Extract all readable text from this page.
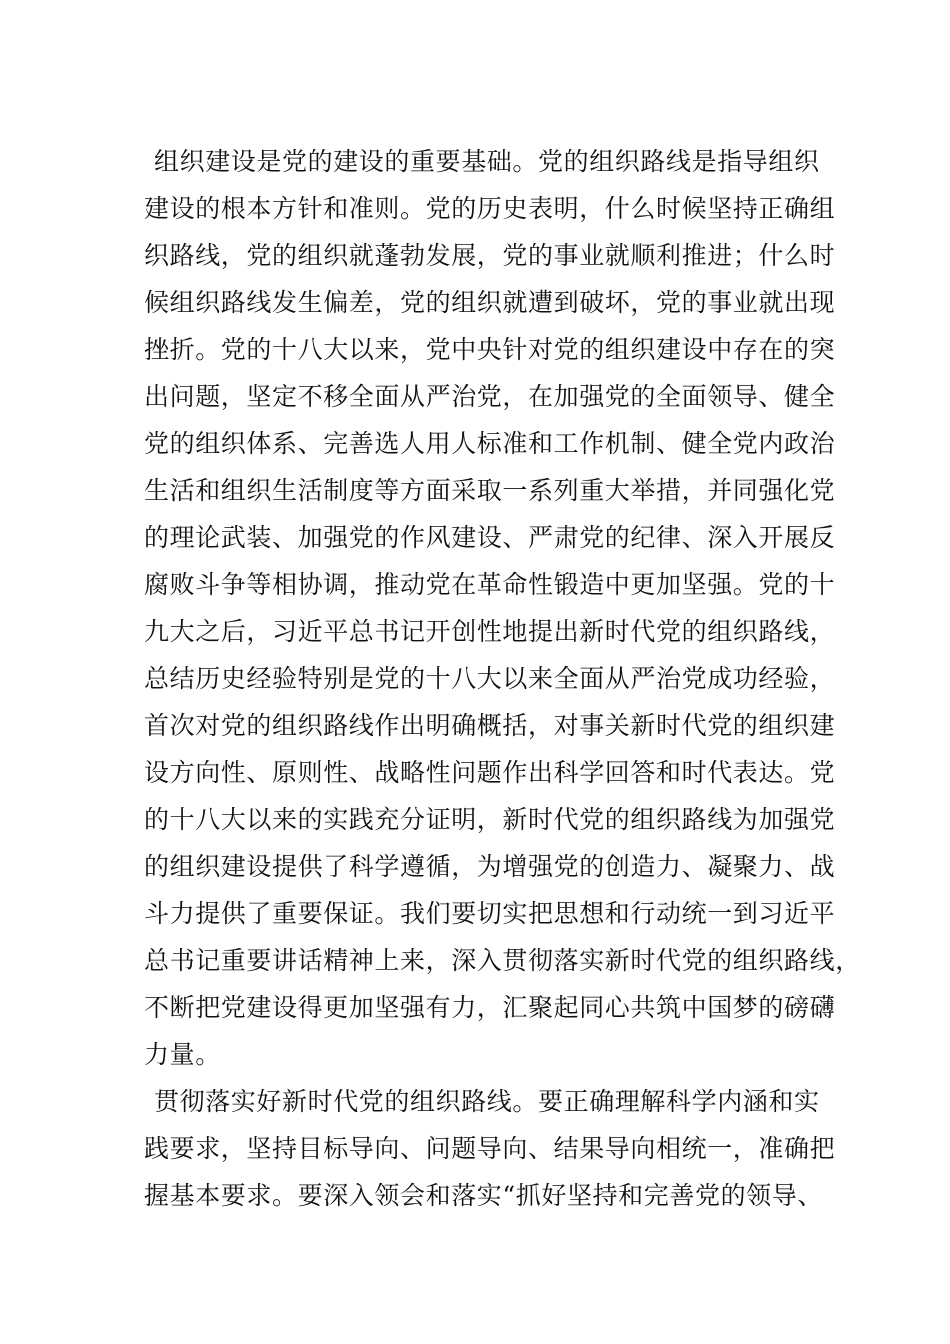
组织建设是党的建设的重要基础。党的组织路线是指导组织
建设的根本方针和准则。党的历史表明，什么时候坚持正确组
织路线，党的组织就蓬勃发展，党的事业就顺利推进；什么时
候组织路线发生偏差，党的组织就遭到破坏，党的事业就出现
挫折。党的十八大以来，党中央针对党的组织建设中存在的突
出问题，坚定不移全面从严治党，在加强党的全面领导、健全
党的组织体系、完善选人用人标准和工作机制、健全党内政治
生活和组织生活制度等方面采取一系列重大举措，并同强化党
的理论武装、加强党的作风建设、严肃党的纪律、深入开展反
腐败斗争等相协调，推动党在革命性锻造中更加坚强。党的十
九大之后，习近平总书记开创性地提出新时代党的组织路线，
总结历史经验特别是党的十八大以来全面从严治党成功经验，
首次对党的组织路线作出明确概括，对事关新时代党的组织建
设方向性、原则性、战略性问题作出科学回答和时代表达。党
的十八大以来的实践充分证明，新时代党的组织路线为加强党
的组织建设提供了科学遵循，为增强党的创造力、凝聚力、战
斗力提供了重要保证。我们要切实把思想和行动统一到习近平
总书记重要讲话精神上来，深入贯彻落实新时代党的组织路线，
不断把党建设得更加坚强有力，汇聚起同心共筑中国梦的磅礴
力量。
贯彻落实好新时代党的组织路线。要正确理解科学内涵和实
践要求，坚持目标导向、问题导向、结果导向相统一，准确把
握基本要求。要深入领会和落实“抓好坚持和完善党的领导、
